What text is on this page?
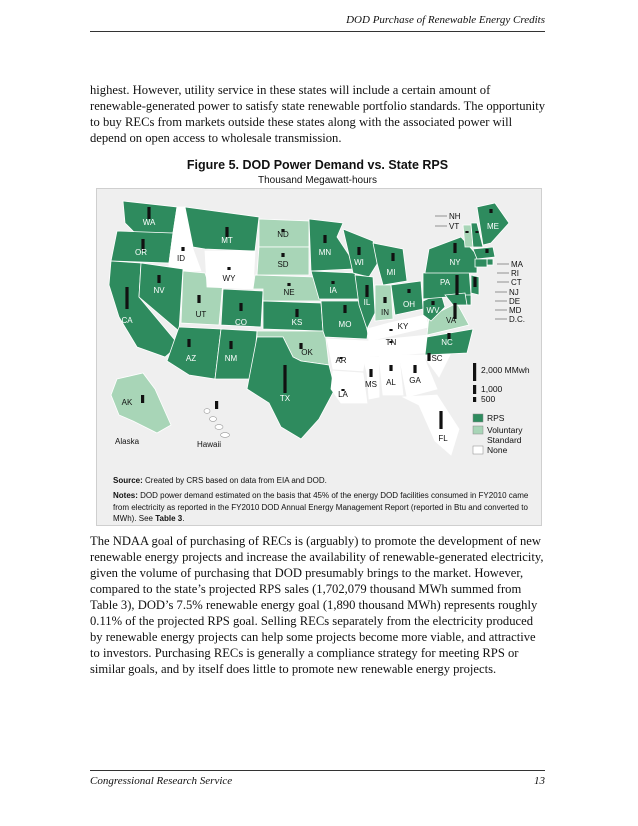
DOD Purchase of Renewable Energy Credits

highest. However, utility service in these states will include a certain amount of renewable-generated power to satisfy state renewable portfolio standards. The opportunity to buy RECs from markets outside these states along with the associated power will depend on open access to wholesale transmission.

Figure 5. DOD Power Demand vs. State RPS
Thousand Megawatt-hours
Alaska	Hawaii
WA
OR
CA
ID
NV
UT
AZ
MT
WY
CO
NM
ND
SD
NE
KS
OK
TX
MN
IA
MO
AR
LA
WI
IL
MI
IN
OH
KY
TN
MS AL GA
FL
SC
NC
VA
WV
PA
NY
ME
AK
VT
NH
MA
RI
CT
NJ
DE
MD
D.C.
2,000 MMwh
1,000
500
RPS
Voluntary Standard
None
Source: Created by CRS based on data from EIA and DOD.
Notes: DOD power demand estimated on the basis that 45% of the energy DOD facilities consumed in FY2010 came from electricity as reported in the FY2010 DOD Annual Energy Management Report (reported in Btu and converted to MWh). See Table 3.

The NDAA goal of purchasing of RECs is (arguably) to promote the development of new renewable energy projects and increase the availability of renewable-generated electricity, given the volume of purchasing that DOD presumably brings to the market. However, compared to the state’s projected RPS sales (1,702,079 thousand MWh summed from Table 3), DOD’s 7.5% renewable energy goal (1,890 thousand MWh) represents roughly 0.11% of the projected RPS goal. Selling RECs separately from the electricity produced by renewable energy projects can help some projects become more viable, and attractive to investors. Purchasing RECs is generally a compliance strategy for meeting RPS or similar goals, and by itself does little to promote new renewable energy projects.

Congressional Research Service	13
